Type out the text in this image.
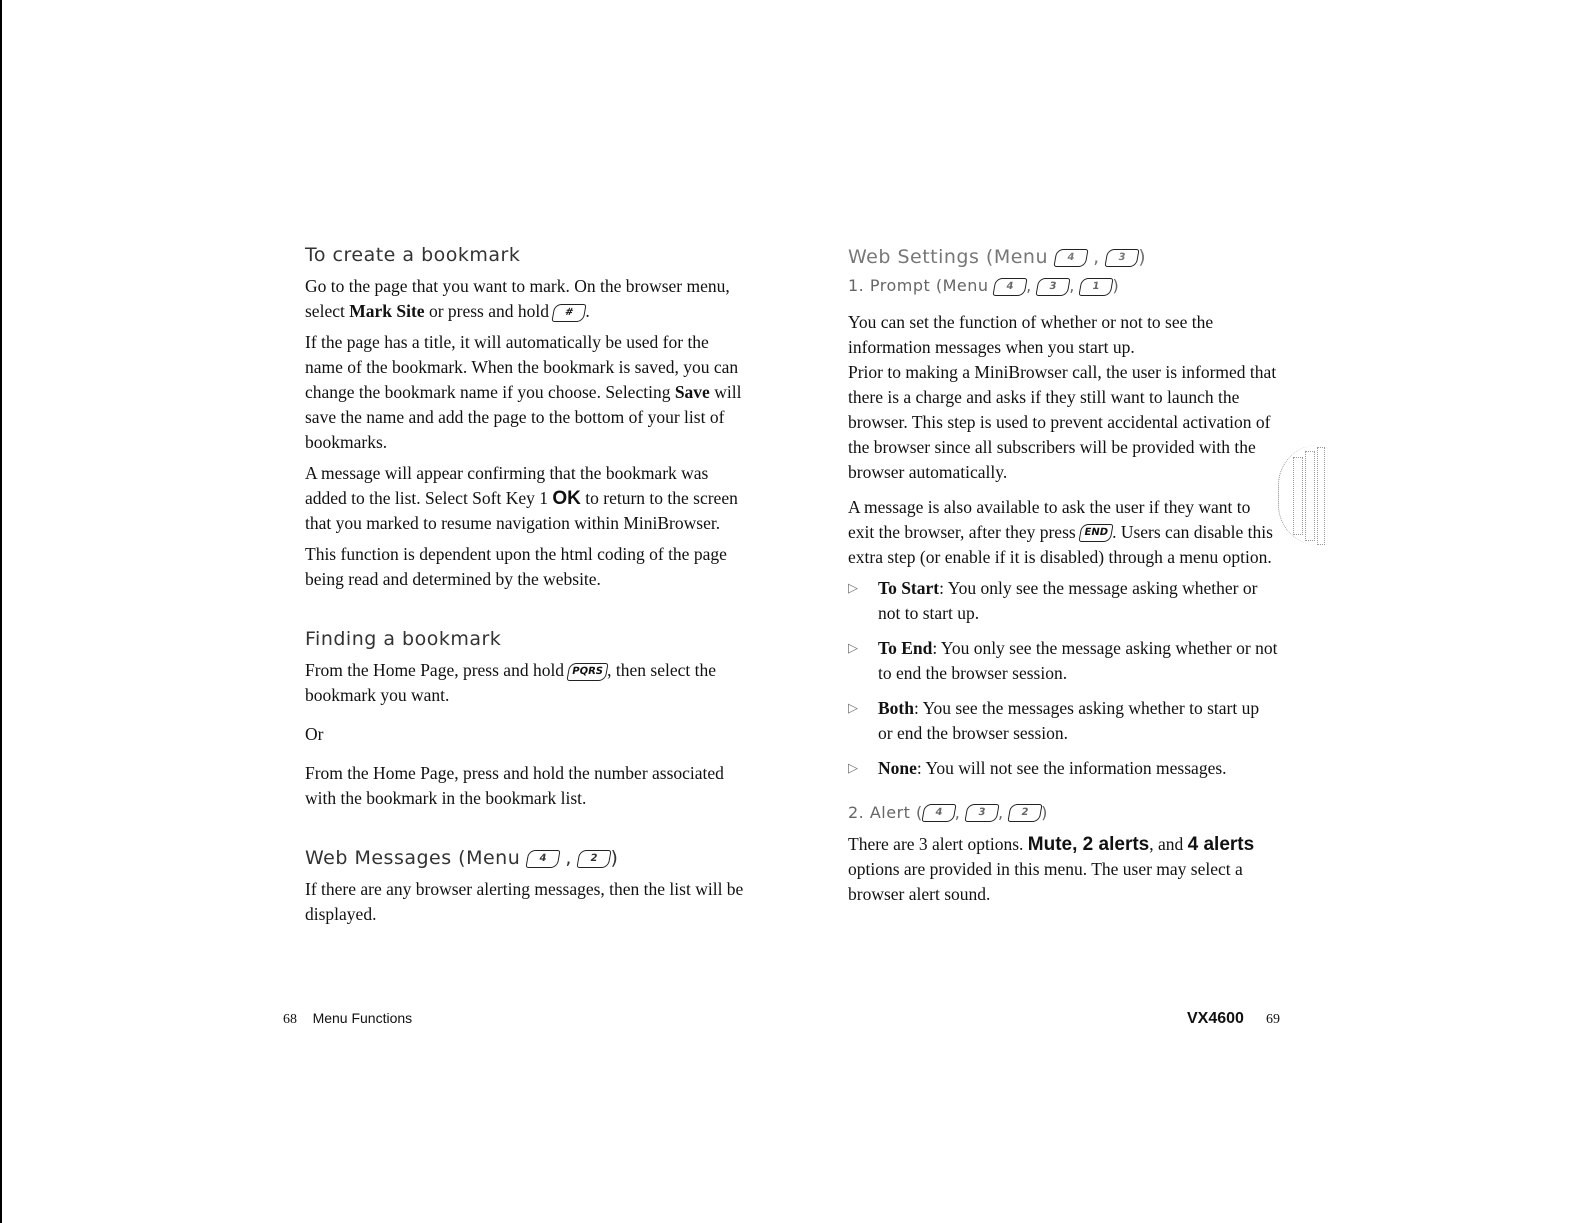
To create a bookmark

Go to the page that you want to mark. On the browser menu, select Mark Site or press and hold # .

If the page has a title, it will automatically be used for the name of the bookmark. When the bookmark is saved, you can change the bookmark name if you choose. Selecting Save will save the name and add the page to the bottom of your list of bookmarks.

A message will appear confirming that the bookmark was added to the list. Select Soft Key 1 OK to return to the screen that you marked to resume navigation within MiniBrowser.

This function is dependent upon the html coding of the page being read and determined by the website.

Finding a bookmark

From the Home Page, press and hold PQRS , then select the bookmark you want.

Or

From the Home Page, press and hold the number associated with the bookmark in the bookmark list.

Web Messages (Menu 4 , 2 )

If there are any browser alerting messages, then the list will be displayed.

Web Settings (Menu 4 , 3 )
1. Prompt (Menu 4 , 3 , 1 )

You can set the function of whether or not to see the information messages when you start up.

Prior to making a MiniBrowser call, the user is informed that there is a charge and asks if they still want to launch the browser. This step is used to prevent accidental activation of the browser since all subscribers will be provided with the browser automatically.

A message is also available to ask the user if they want to exit the browser, after they press END . Users can disable this extra step (or enable if it is disabled) through a menu option.

▷ To Start: You only see the message asking whether or not to start up.
▷ To End: You only see the message asking whether or not to end the browser session.
▷ Both: You see the messages asking whether to start up or end the browser session.
▷ None: You will not see the information messages.
2. Alert ( 4 , 3 , 2 )

There are 3 alert options. Mute, 2 alerts, and 4 alerts options are provided in this menu. The user may select a browser alert sound.

68 Menu Functions	VX4600 69
